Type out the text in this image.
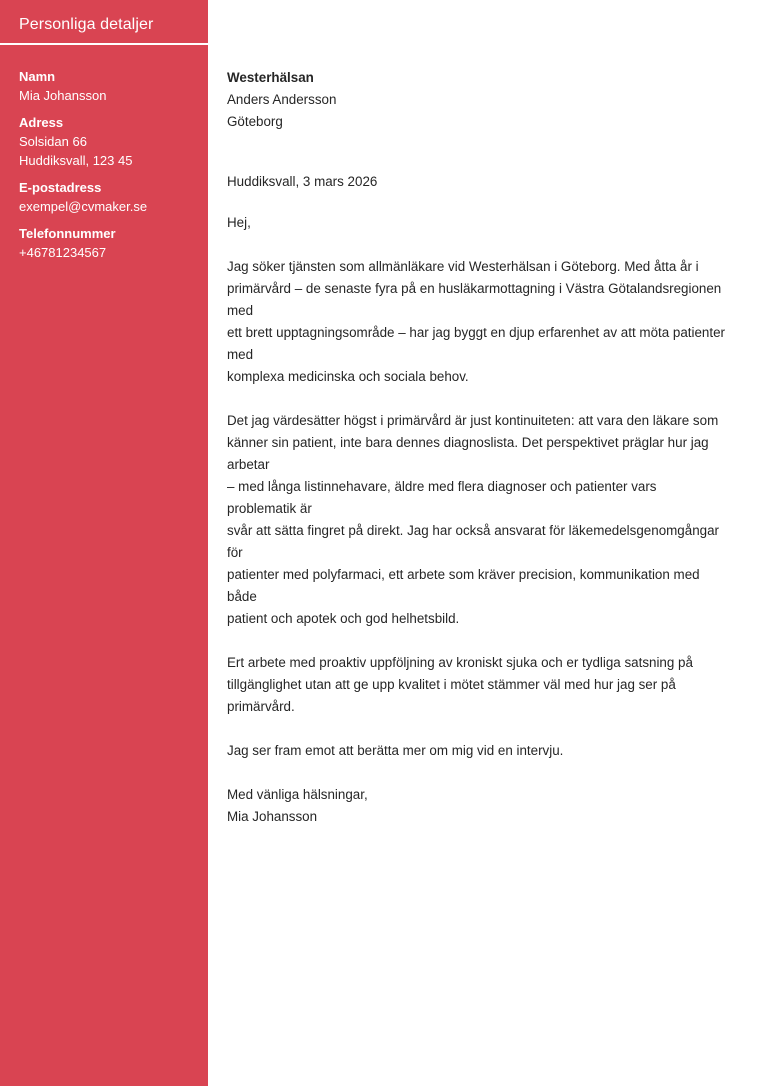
Personliga detaljer
Namn
Mia Johansson
Adress
Solsidan 66
Huddiksvall, 123 45
E-postadress
exempel@cvmaker.se
Telefonnummer
+46781234567
Westerhälsan
Anders Andersson
Göteborg
Huddiksvall, 3 mars 2026
Hej,
Jag söker tjänsten som allmänläkare vid Westerhälsan i Göteborg. Med åtta år i
primärvård – de senaste fyra på en husläkarmottagning i Västra Götalandsregionen med
ett brett upptagningsområde – har jag byggt en djup erfarenhet av att möta patienter med
komplexa medicinska och sociala behov.
Det jag värdesätter högst i primärvård är just kontinuiteten: att vara den läkare som
känner sin patient, inte bara dennes diagnoslista. Det perspektivet präglar hur jag arbetar
– med långa listinnehavare, äldre med flera diagnoser och patienter vars problematik är
svår att sätta fingret på direkt. Jag har också ansvarat för läkemedelsgenomgångar för
patienter med polyfarmaci, ett arbete som kräver precision, kommunikation med både
patient och apotek och god helhetsbild.
Ert arbete med proaktiv uppföljning av kroniskt sjuka och er tydliga satsning på
tillgänglighet utan att ge upp kvalitet i mötet stämmer väl med hur jag ser på primärvård.
Jag ser fram emot att berätta mer om mig vid en intervju.
Med vänliga hälsningar,
Mia Johansson
